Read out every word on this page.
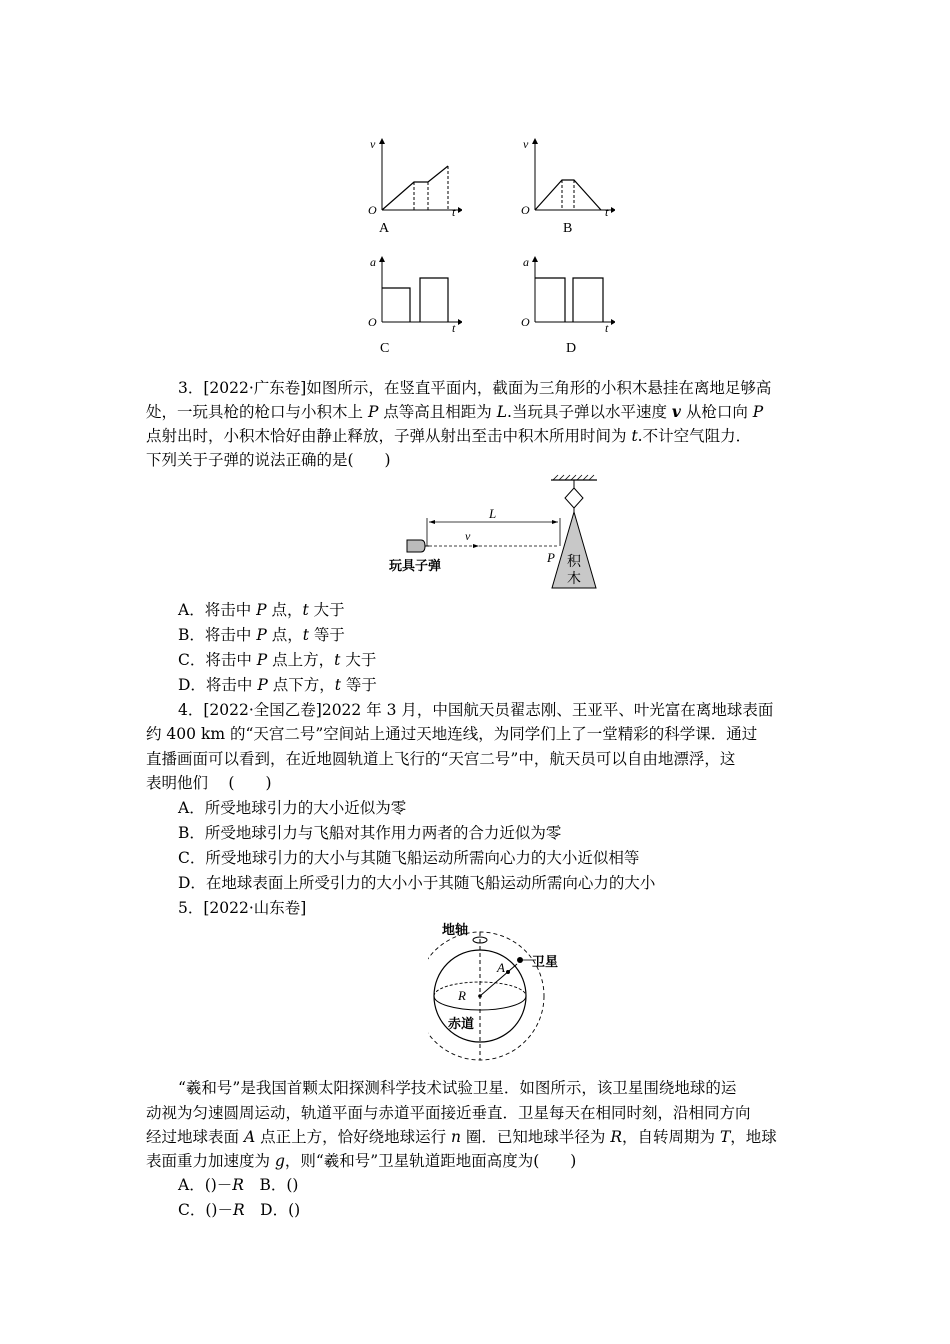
v
O	t
A
v
O	t
B
a
O	t
C
a
O	t
D
3．[2022·广东卷]如图所示，在竖直平面内，截面为三角形的小积木悬挂在离地足够高
处，一玩具枪的枪口与小积木上 P 点等高且相距为 L.当玩具子弹以水平速度 v 从枪口向 P
点射出时，小积木恰好由静止释放，子弹从射出至击中积木所用时间为 t.不计空气阻力．
下列关于子弹的说法正确的是(　　)
积
木
L
v
P
玩具子弹
A．将击中 P 点，t 大于
B．将击中 P 点，t 等于
C．将击中 P 点上方，t 大于
D．将击中 P 点下方，t 等于
4．[2022·全国乙卷]2022 年 3 月，中国航天员翟志刚、王亚平、叶光富在离地球表面
约 400 km 的“天宫二号”空间站上通过天地连线，为同学们上了一堂精彩的科学课．通过
直播画面可以看到，在近地圆轨道上飞行的“天宫二号”中，航天员可以自由地漂浮，这
表明他们　 (　　)
A．所受地球引力的大小近似为零
B．所受地球引力与飞船对其作用力两者的合力近似为零
C．所受地球引力的大小与其随飞船运动所需向心力的大小近似相等
D．在地球表面上所受引力的大小小于其随飞船运动所需向心力的大小
5．[2022·山东卷]
地轴
卫星
A
R
赤道
“羲和号”是我国首颗太阳探测科学技术试验卫星．如图所示，该卫星围绕地球的运
动视为匀速圆周运动，轨道平面与赤道平面接近垂直．卫星每天在相同时刻，沿相同方向
经过地球表面 A 点正上方，恰好绕地球运行 n 圈．已知地球半径为 R，自转周期为 T，地球
表面重力加速度为 g，则“羲和号”卫星轨道距地面高度为(　　)
A．()－R　B．()
C．()－R　D．()
